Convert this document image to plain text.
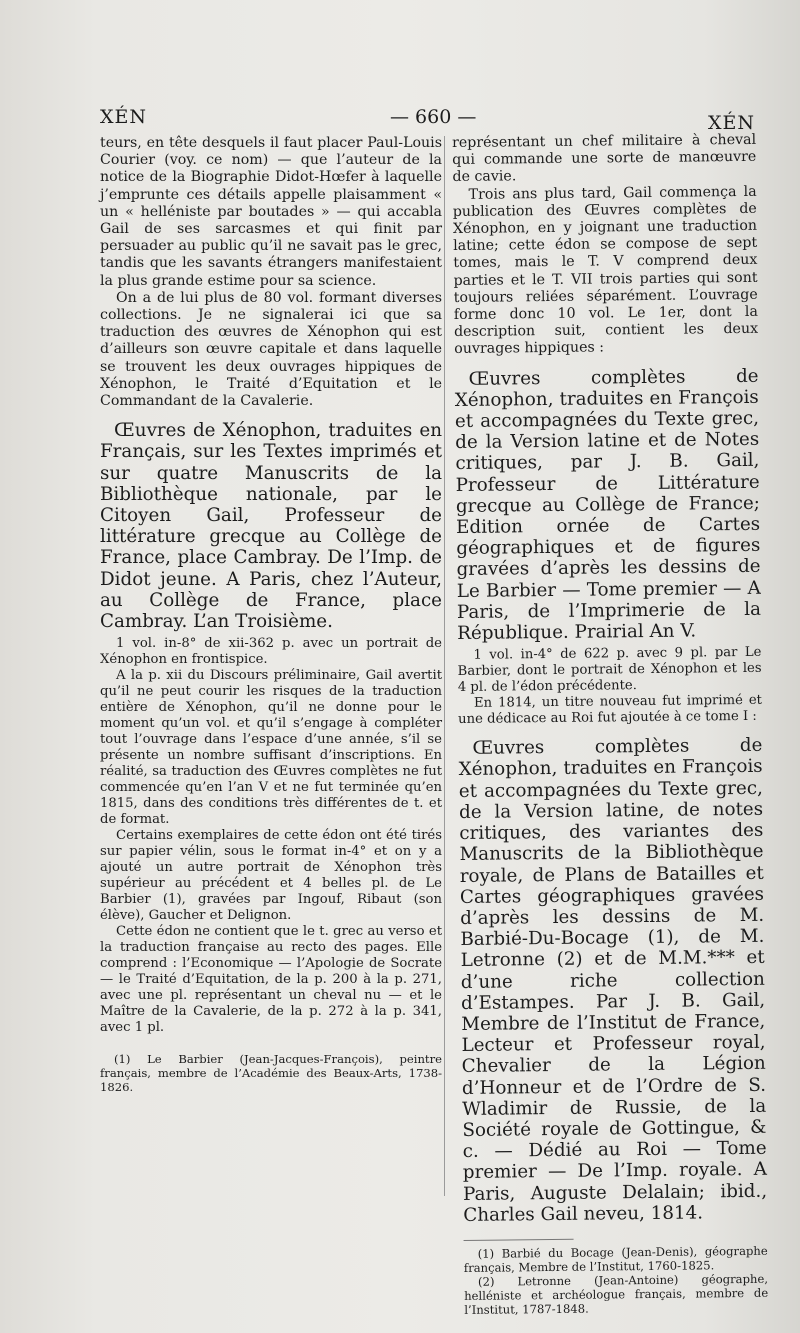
XÉN	— 660 —	XÉN

teurs, en tête desquels il faut placer Paul-Louis Courier (voy. ce nom) — que l’auteur de la notice de la Biographie Didot-Hœfer à laquelle j’emprunte ces détails appelle plaisamment « un « helléniste par boutades » — qui accabla Gail de ses sarcasmes et qui finit par persuader au public qu’il ne savait pas le grec, tandis que les savants étrangers manifestaient la plus grande estime pour sa science.

On a de lui plus de 80 vol. formant diverses collections. Je ne signalerai ici que sa traduction des œuvres de Xénophon qui est d’ailleurs son œuvre capitale et dans laquelle se trouvent les deux ouvrages hippiques de Xénophon, le Traité d’Equitation et le Commandant de la Cavalerie.

Œuvres de Xénophon, traduites en Français, sur les Textes imprimés et sur quatre Manuscrits de la Bibliothèque nationale, par le Citoyen Gail, Professeur de littérature grecque au Collège de France, place Cambray. De l’Imp. de Didot jeune. A Paris, chez l’Auteur, au Collège de France, place Cambray. L’an Troisième.

1 vol. in-8° de xii-362 p. avec un portrait de Xénophon en frontispice.

A la p. xii du Discours préliminaire, Gail avertit qu’il ne peut courir les risques de la traduction entière de Xénophon, qu’il ne donne pour le moment qu’un vol. et qu’il s’engage à compléter tout l’ouvrage dans l’espace d’une année, s’il se présente un nombre suffisant d’inscriptions. En réalité, sa traduction des Œuvres complètes ne fut commencée qu’en l’an V et ne fut terminée qu’en 1815, dans des conditions très différentes de t. et de format.

Certains exemplaires de cette édon ont été tirés sur papier vélin, sous le format in-4° et on y a ajouté un autre portrait de Xénophon très supérieur au précédent et 4 belles pl. de Le Barbier (1), gravées par Ingouf, Ribaut (son élève), Gaucher et Delignon.

Cette édon ne contient que le t. grec au verso et la traduction française au recto des pages. Elle comprend : l’Economique — l’Apologie de Socrate — le Traité d’Equitation, de la p. 200 à la p. 271, avec une pl. représentant un cheval nu — et le Maître de la Cavalerie, de la p. 272 à la p. 341, avec 1 pl.

(1) Le Barbier (Jean-Jacques-François), peintre français, membre de l’Académie des Beaux-Arts, 1738-1826.

représentant un chef militaire à cheval qui commande une sorte de manœuvre de cavie.

Trois ans plus tard, Gail commença la publication des Œuvres complètes de Xénophon, en y joignant une traduction latine; cette édon se compose de sept tomes, mais le T. V comprend deux parties et le T. VII trois parties qui sont toujours reliées séparément. L’ouvrage forme donc 10 vol. Le 1er, dont la description suit, contient les deux ouvrages hippiques :

Œuvres complètes de Xénophon, traduites en François et accompagnées du Texte grec, de la Version latine et de Notes critiques, par J. B. Gail, Professeur de Littérature grecque au Collège de France; Edition ornée de Cartes géographiques et de figures gravées d’après les dessins de Le Barbier — Tome premier — A Paris, de l’Imprimerie de la République. Prairial An V.

1 vol. in-4° de 622 p. avec 9 pl. par Le Barbier, dont le portrait de Xénophon et les 4 pl. de l’édon précédente.

En 1814, un titre nouveau fut imprimé et une dédicace au Roi fut ajoutée à ce tome I :

Œuvres complètes de Xénophon, traduites en François et accompagnées du Texte grec, de la Version latine, de notes critiques, des variantes des Manuscrits de la Bibliothèque royale, de Plans de Batailles et Cartes géographiques gravées d’après les dessins de M. Barbié-Du-Bocage (1), de M. Letronne (2) et de M.M.*** et d’une riche collection d’Estampes. Par J. B. Gail, Membre de l’Institut de France, Lecteur et Professeur royal, Chevalier de la Légion d’Honneur et de l’Ordre de S. Wladimir de Russie, de la Société royale de Gottingue, & c. — Dédié au Roi — Tome premier — De l’Imp. royale. A Paris, Auguste Delalain; ibid., Charles Gail neveu, 1814.

(1) Barbié du Bocage (Jean-Denis), géographe français, Membre de l’Institut, 1760-1825.

(2) Letronne (Jean-Antoine) géographe, helléniste et archéologue français, membre de l’Institut, 1787-1848.
